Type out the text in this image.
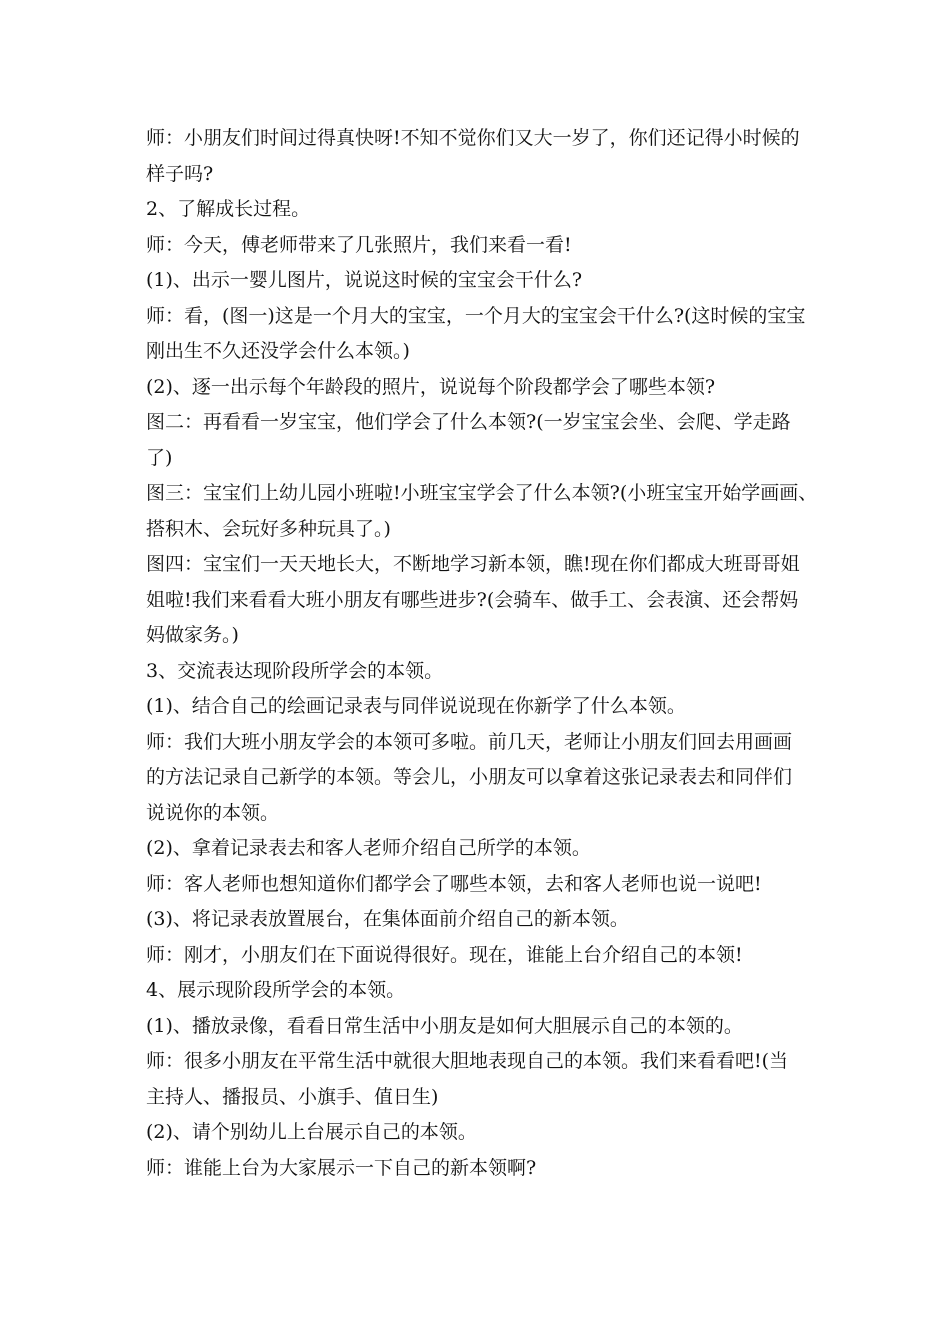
师：小朋友们时间过得真快呀!不知不觉你们又大一岁了，你们还记得小时候的
样子吗?
2、了解成长过程。
师：今天，傅老师带来了几张照片，我们来看一看!
(1)、出示一婴儿图片，说说这时候的宝宝会干什么?
师：看，(图一)这是一个月大的宝宝，一个月大的宝宝会干什么?(这时候的宝宝
刚出生不久还没学会什么本领。)
(2)、逐一出示每个年龄段的照片，说说每个阶段都学会了哪些本领?
图二：再看看一岁宝宝，他们学会了什么本领?(一岁宝宝会坐、会爬、学走路
了)
图三：宝宝们上幼儿园小班啦!小班宝宝学会了什么本领?(小班宝宝开始学画画、
搭积木、会玩好多种玩具了。)
图四：宝宝们一天天地长大，不断地学习新本领，瞧!现在你们都成大班哥哥姐
姐啦!我们来看看大班小朋友有哪些进步?(会骑车、做手工、会表演、还会帮妈
妈做家务。)
3、交流表达现阶段所学会的本领。
(1)、结合自己的绘画记录表与同伴说说现在你新学了什么本领。
师：我们大班小朋友学会的本领可多啦。前几天，老师让小朋友们回去用画画
的方法记录自己新学的本领。等会儿，小朋友可以拿着这张记录表去和同伴们
说说你的本领。
(2)、拿着记录表去和客人老师介绍自己所学的本领。
师：客人老师也想知道你们都学会了哪些本领，去和客人老师也说一说吧!
(3)、将记录表放置展台，在集体面前介绍自己的新本领。
师：刚才，小朋友们在下面说得很好。现在，谁能上台介绍自己的本领!
4、展示现阶段所学会的本领。
(1)、播放录像，看看日常生活中小朋友是如何大胆展示自己的本领的。
师：很多小朋友在平常生活中就很大胆地表现自己的本领。我们来看看吧!(当
主持人、播报员、小旗手、值日生)
(2)、请个别幼儿上台展示自己的本领。
师：谁能上台为大家展示一下自己的新本领啊?
